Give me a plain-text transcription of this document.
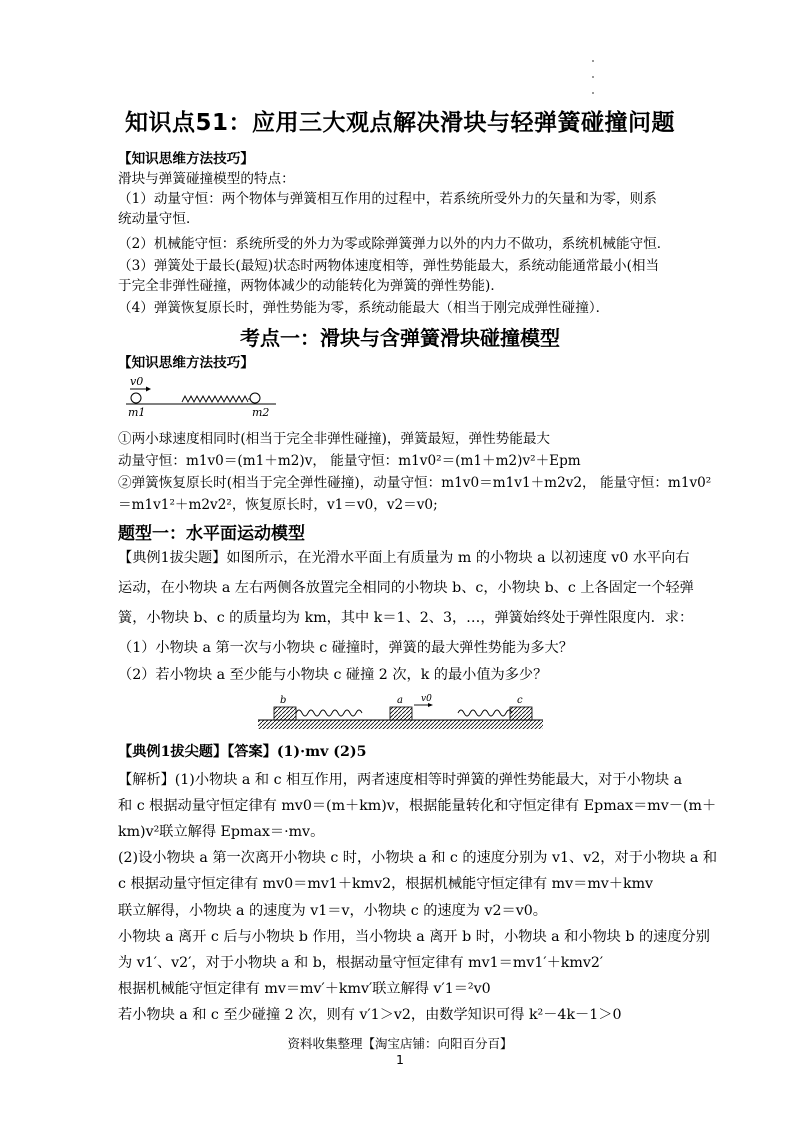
知识点51：应用三大观点解决滑块与轻弹簧碰撞问题
【知识思维方法技巧】
滑块与弹簧碰撞模型的特点：
（1）动量守恒：两个物体与弹簧相互作用的过程中，若系统所受外力的矢量和为零，则系
统动量守恒．
（2）机械能守恒：系统所受的外力为零或除弹簧弹力以外的内力不做功，系统机械能守恒．
（3）弹簧处于最长(最短)状态时两物体速度相等，弹性势能最大，系统动能通常最小(相当
于完全非弹性碰撞，两物体减少的动能转化为弹簧的弹性势能)．
（4）弹簧恢复原长时，弹性势能为零，系统动能最大（相当于刚完成弹性碰撞）．
考点一：滑块与含弹簧滑块碰撞模型
【知识思维方法技巧】
v0
m1	m2
①两小球速度相同时(相当于完全非弹性碰撞)，弹簧最短，弹性势能最大
动量守恒：m1v0＝(m1＋m2)v， 能量守恒：m1v0²＝(m1＋m2)v²＋Epm
②弹簧恢复原长时(相当于完全弹性碰撞)，动量守恒：m1v0＝m1v1＋m2v2， 能量守恒：m1v0²
＝m1v1²＋m2v2²，恢复原长时，v1＝v0，v2＝v0;
题型一：水平面运动模型
【典例1拔尖题】如图所示，在光滑水平面上有质量为 m 的小物块 a 以初速度 v0 水平向右
运动，在小物块 a 左右两侧各放置完全相同的小物块 b、c，小物块 b、c 上各固定一个轻弹
簧，小物块 b、c 的质量均为 km，其中 k＝1、2、3，…，弹簧始终处于弹性限度内．求：
（1）小物块 a 第一次与小物块 c 碰撞时，弹簧的最大弹性势能为多大？
（2）若小物块 a 至少能与小物块 c 碰撞 2 次，k 的最小值为多少？
b	a v0	c
【典例1拔尖题】【答案】(1)·mv (2)5
【解析】(1)小物块 a 和 c 相互作用，两者速度相等时弹簧的弹性势能最大，对于小物块 a
和 c 根据动量守恒定律有 mv0＝(m＋km)v，根据能量转化和守恒定律有 Epmax＝mv－(m＋
km)v²联立解得 Epmax＝·mv。
(2)设小物块 a 第一次离开小物块 c 时，小物块 a 和 c 的速度分别为 v1、v2，对于小物块 a 和
c 根据动量守恒定律有 mv0＝mv1＋kmv2，根据机械能守恒定律有 mv＝mv＋kmv
联立解得，小物块 a 的速度为 v1＝v，小物块 c 的速度为 v2＝v0。
小物块 a 离开 c 后与小物块 b 作用，当小物块 a 离开 b 时，小物块 a 和小物块 b 的速度分别
为 v1′、v2′，对于小物块 a 和 b，根据动量守恒定律有 mv1＝mv1′＋kmv2′
根据机械能守恒定律有 mv＝mv′＋kmv′联立解得 v′1＝²v0
若小物块 a 和 c 至少碰撞 2 次，则有 v′1＞v2，由数学知识可得 k²－4k－1＞0
资料收集整理【淘宝店铺：向阳百分百】
1
